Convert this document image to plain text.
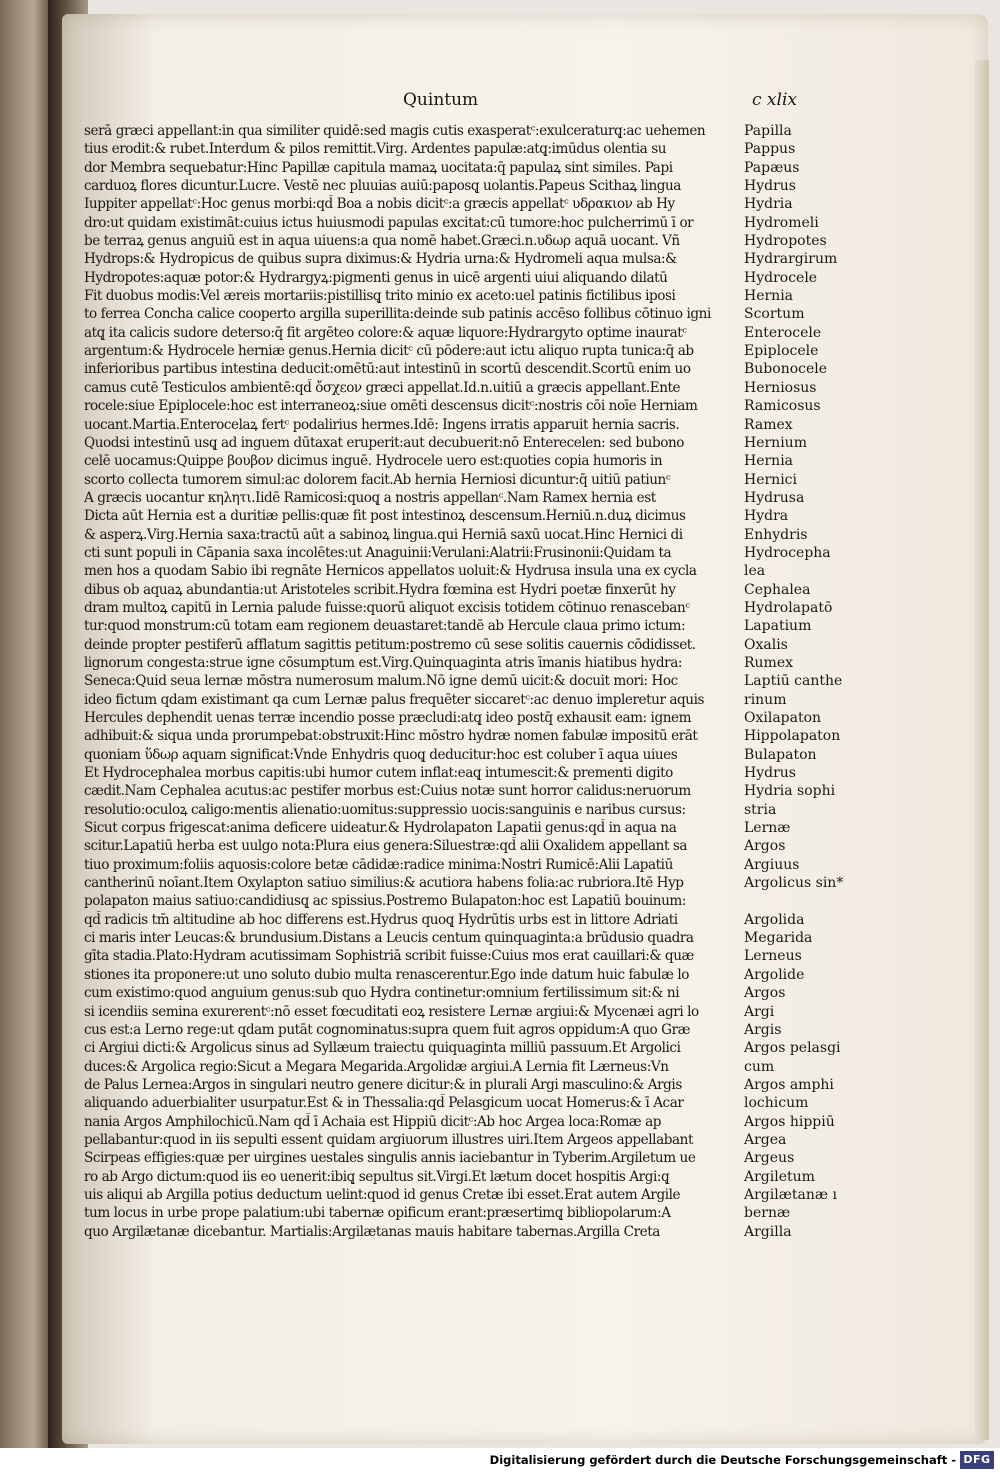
Quintum	c xlix
serā græci appellant:in qua similiter quidē:sed magis cutis exasperatᶜ:exulceraturq̨:ac uehemen
tius erodit:& rubet.Interdum & pilos remittit.Virg. Ardentes papulæ:atq̨:imūdus olentia su
dor Membra sequebatur:Hinc Papillæ capitula mamaꝝ uocitata:q̄ papulaꝝ sint similes. Papi
carduoꝝ flores dicuntur.Lucre. Vestē nec pluuias auiū:paposq̨ uolantis.Papeus Scithaꝝ lingua
Iuppiter appellatᶜ:Hoc genus morbi:qd̄ Boa a nobis dicitᶜ:a græcis appellatᶜ υδρακιον ab Hy
dro:ut quidam existimāt:cuius ictus huiusmodi papulas excitat:cū tumore:hoc pulcherrimū ī or
be terraꝝ genus anguiū est in aqua uiuens:a qua nomē habet.Græci.n.υδωρ aquā uocant. Vñ
Hydrops:& Hydropicus de quibus supra diximus:& Hydria urna:& Hydromeli aqua mulsa:&
Hydropotes:aquæ potor:& Hydrargyꝝ:pigmenti genus in uicē argenti uiui aliquando dilatū
Fit duobus modis:Vel æreis mortariis:pistillisq̨ trito minio ex aceto:uel patinis fictilibus iposi
to ferrea Concha calice cooperto argilla superillita:deinde sub patinis accēso follibus cōtinuo igni
atq̨ ita calicis sudore deterso:q̄ fit argēteo colore:& aquæ liquore:Hydrargyto optime inauratᶜ
argentum:& Hydrocele herniæ genus.Hernia dicitᶜ cū pōdere:aut ictu aliquo rupta tunica:q̄ ab
inferioribus partibus intestina deducit:omētū:aut intestinū in scortū descendit.Scortū enim uo
camus cutē Testiculos ambientē:qd̄ ὄσχεον græci appellat.Id.n.uitiū a græcis appellant.Ente
rocele:siue Epiplocele:hoc est interraneoꝝ:siue omēti descensus dicitᶜ:nostris cōi noīe Herniam
uocant.Martia.Enterocelaꝝ fertᶜ podalirius hermes.Idē: Ingens irratis apparuit hernia sacris.
Quodsi intestinū usq̨ ad inguem dūtaxat eruperit:aut decubuerit:nō Enterecelen: sed bubono
celē uocamus:Quippe βουβον dicimus inguē. Hydrocele uero est:quoties copia humoris in
scorto collecta tumorem simul:ac dolorem facit.Ab hernia Herniosi dicuntur:q̄ uitiū patiunᶜ
A græcis uocantur κηλητι.Iidē Ramicosi:quoq̨ a nostris appellanᶜ.Nam Ramex hernia est
Dicta aūt Hernia est a duritiæ pellis:quæ fit post intestinoꝝ descensum.Herniū.n.duꝝ dicimus
& asperꝝ.Virg.Hernia saxa:tractū aūt a sabinoꝝ lingua.qui Herniā saxū uocat.Hinc Hernici di
cti sunt populi in Cāpania saxa incolētes:ut Anaguinii:Verulani:Alatrii:Frusinonii:Quidam ta
men hos a quodam Sabio ibi regnāte Hernicos appellatos uoluit:& Hydrusa insula una ex cycla
dibus ob aquaꝝ abundantia:ut Aristoteles scribit.Hydra fœmina est Hydri poetæ finxerūt hy
dram multoꝝ capitū in Lernia palude fuisse:quorū aliquot excisis totidem cōtinuo renascebanᶜ
tur:quod monstrum:cū totam eam regionem deuastaret:tandē ab Hercule claua primo ictum:
deinde propter pestiferū afflatum sagittis petitum:postremo cū sese solitis cauernis cōdidisset.
lignorum congesta:strue igne cōsumptum est.Virg.Quinquaginta atris īmanis hiatibus hydra:
Seneca:Quid seua lernæ mōstra numerosum malum.Nō igne demū uicit:& docuit mori: Hoc
ideo fictum qdam existimant qa cum Lernæ palus frequēter siccaretᶜ:ac denuo impleretur aquis
Hercules dephendit uenas terræ incendio posse præcludi:atq̨ ideo postq̄ exhausit eam: ignem
adhibuit:& siqua unda prorumpebat:obstruxit:Hinc mōstro hydræ nomen fabulæ impositū erāt
quoniam ὕδωρ aquam significat:Vnde Enhydris quoq̨ deducitur:hoc est coluber ī aqua uiues
Et Hydrocephalea morbus capitis:ubi humor cutem inflat:eaq̨ intumescit:& prementi digito
cædit.Nam Cephalea acutus:ac pestifer morbus est:Cuius notæ sunt horror calidus:neruorum
resolutio:oculoꝝ caligo:mentis alienatio:uomitus:suppressio uocis:sanguinis e naribus cursus:
Sicut corpus frigescat:anima deficere uideatur.& Hydrolapaton Lapatii genus:qd̄ in aqua na
scitur.Lapatiū herba est uulgo nota:Plura eius genera:Siluestræ:qd̄ alii Oxalidem appellant sa
tiuo proximum:foliis aquosis:colore betæ cādidæ:radice minima:Nostri Rumicē:Alii Lapatiū
cantherinū noīant.Item Oxylapton satiuo similius:& acutiora habens folia:ac rubriora.Itē Hyp
polapaton maius satiuo:candidiusq̨ ac spissius.Postremo Bulapaton:hoc est Lapatiū bouinum:
qd̄ radicis tm̄ altitudine ab hoc differens est.Hydrus quoq̨ Hydrūtis urbs est in littore Adriati
ci maris inter Leucas:& brundusium.Distans a Leucis centum quinquaginta:a brūdusio quadra
gīta stadia.Plato:Hydram acutissimam Sophistriā scribit fuisse:Cuius mos erat cauillari:& quæ
stiones ita proponere:ut uno soluto dubio multa renascerentur.Ego inde datum huic fabulæ lo
cum existimo:quod anguium genus:sub quo Hydra continetur:omnium fertilissimum sit:& ni
si icendiis semina exurerentᶜ:nō esset fœcuditati eoꝝ resistere Lernæ argiui:& Mycenæi agri lo
cus est:a Lerno rege:ut qdam putāt cognominatus:supra quem fuit agros oppidum:A quo Græ
ci Argiui dicti:& Argolicus sinus ad Syllæum traiectu quiquaginta milliū passuum.Et Argolici
duces:& Argolica regio:Sicut a Megara Megarida.Argolidæ argiui.A Lernia fit Lærneus:Vn
de Palus Lernea:Argos in singulari neutro genere dicitur:& in plurali Argi masculino:& Argis
aliquando aduerbialiter usurpatur.Est & in Thessalia:qd̄ Pelasgicum uocat Homerus:& ī Acar
nania Argos Amphilochicū.Nam qd̄ ī Achaia est Hippiū dicitᶜ:Ab hoc Argea loca:Romæ ap
pellabantur:quod in iis sepulti essent quidam argiuorum illustres uiri.Item Argeos appellabant
Scirpeas effigies:quæ per uirgines uestales singulis annis iaciebantur in Tyberim.Argiletum ue
ro ab Argo dictum:quod iis eo uenerit:ibiq̨ sepultus sit.Virgi.Et lætum docet hospitis Argi:q̨
uis aliqui ab Argilla potius deductum uelint:quod id genus Cretæ ibi esset.Erat autem Argile
tum locus in urbe prope palatium:ubi tabernæ opificum erant:præsertimq̨ bibliopolarum:A
quo Argilætanæ dicebantur. Martialis:Argilætanas mauis habitare tabernas.Argilla Creta
Papilla
Pappus
Papæus
Hydrus
Hydria
Hydromeli
Hydropotes
Hydrargirum
Hydrocele
Hernia
Scortum
Enterocele
Epiplocele
Bubonocele
Herniosus
Ramicosus
Ramex
Hernium
Hernia
Hernici
Hydrusa
Hydra
Enhydris
Hydrocepha
lea
Cephalea
Hydrolapatō
Lapatium
Oxalis
Rumex
Laptiū canthe
rinum
Oxilapaton
Hippolapaton
Bulapaton
Hydrus
Hydria sophi
stria
Lernæ
Argos
Argiuus
Argolicus sin*
Argolida
Megarida
Lerneus
Argolide
Argos
Argi
Argis
Argos pelasgi
cum
Argos amphi
lochicum
Argos hippiū
Argea
Argeus
Argiletum
Argilætanæ ı
bernæ
Argilla
Digitalisierung gefördert durch die Deutsche Forschungsgemeinschaft - DFG
